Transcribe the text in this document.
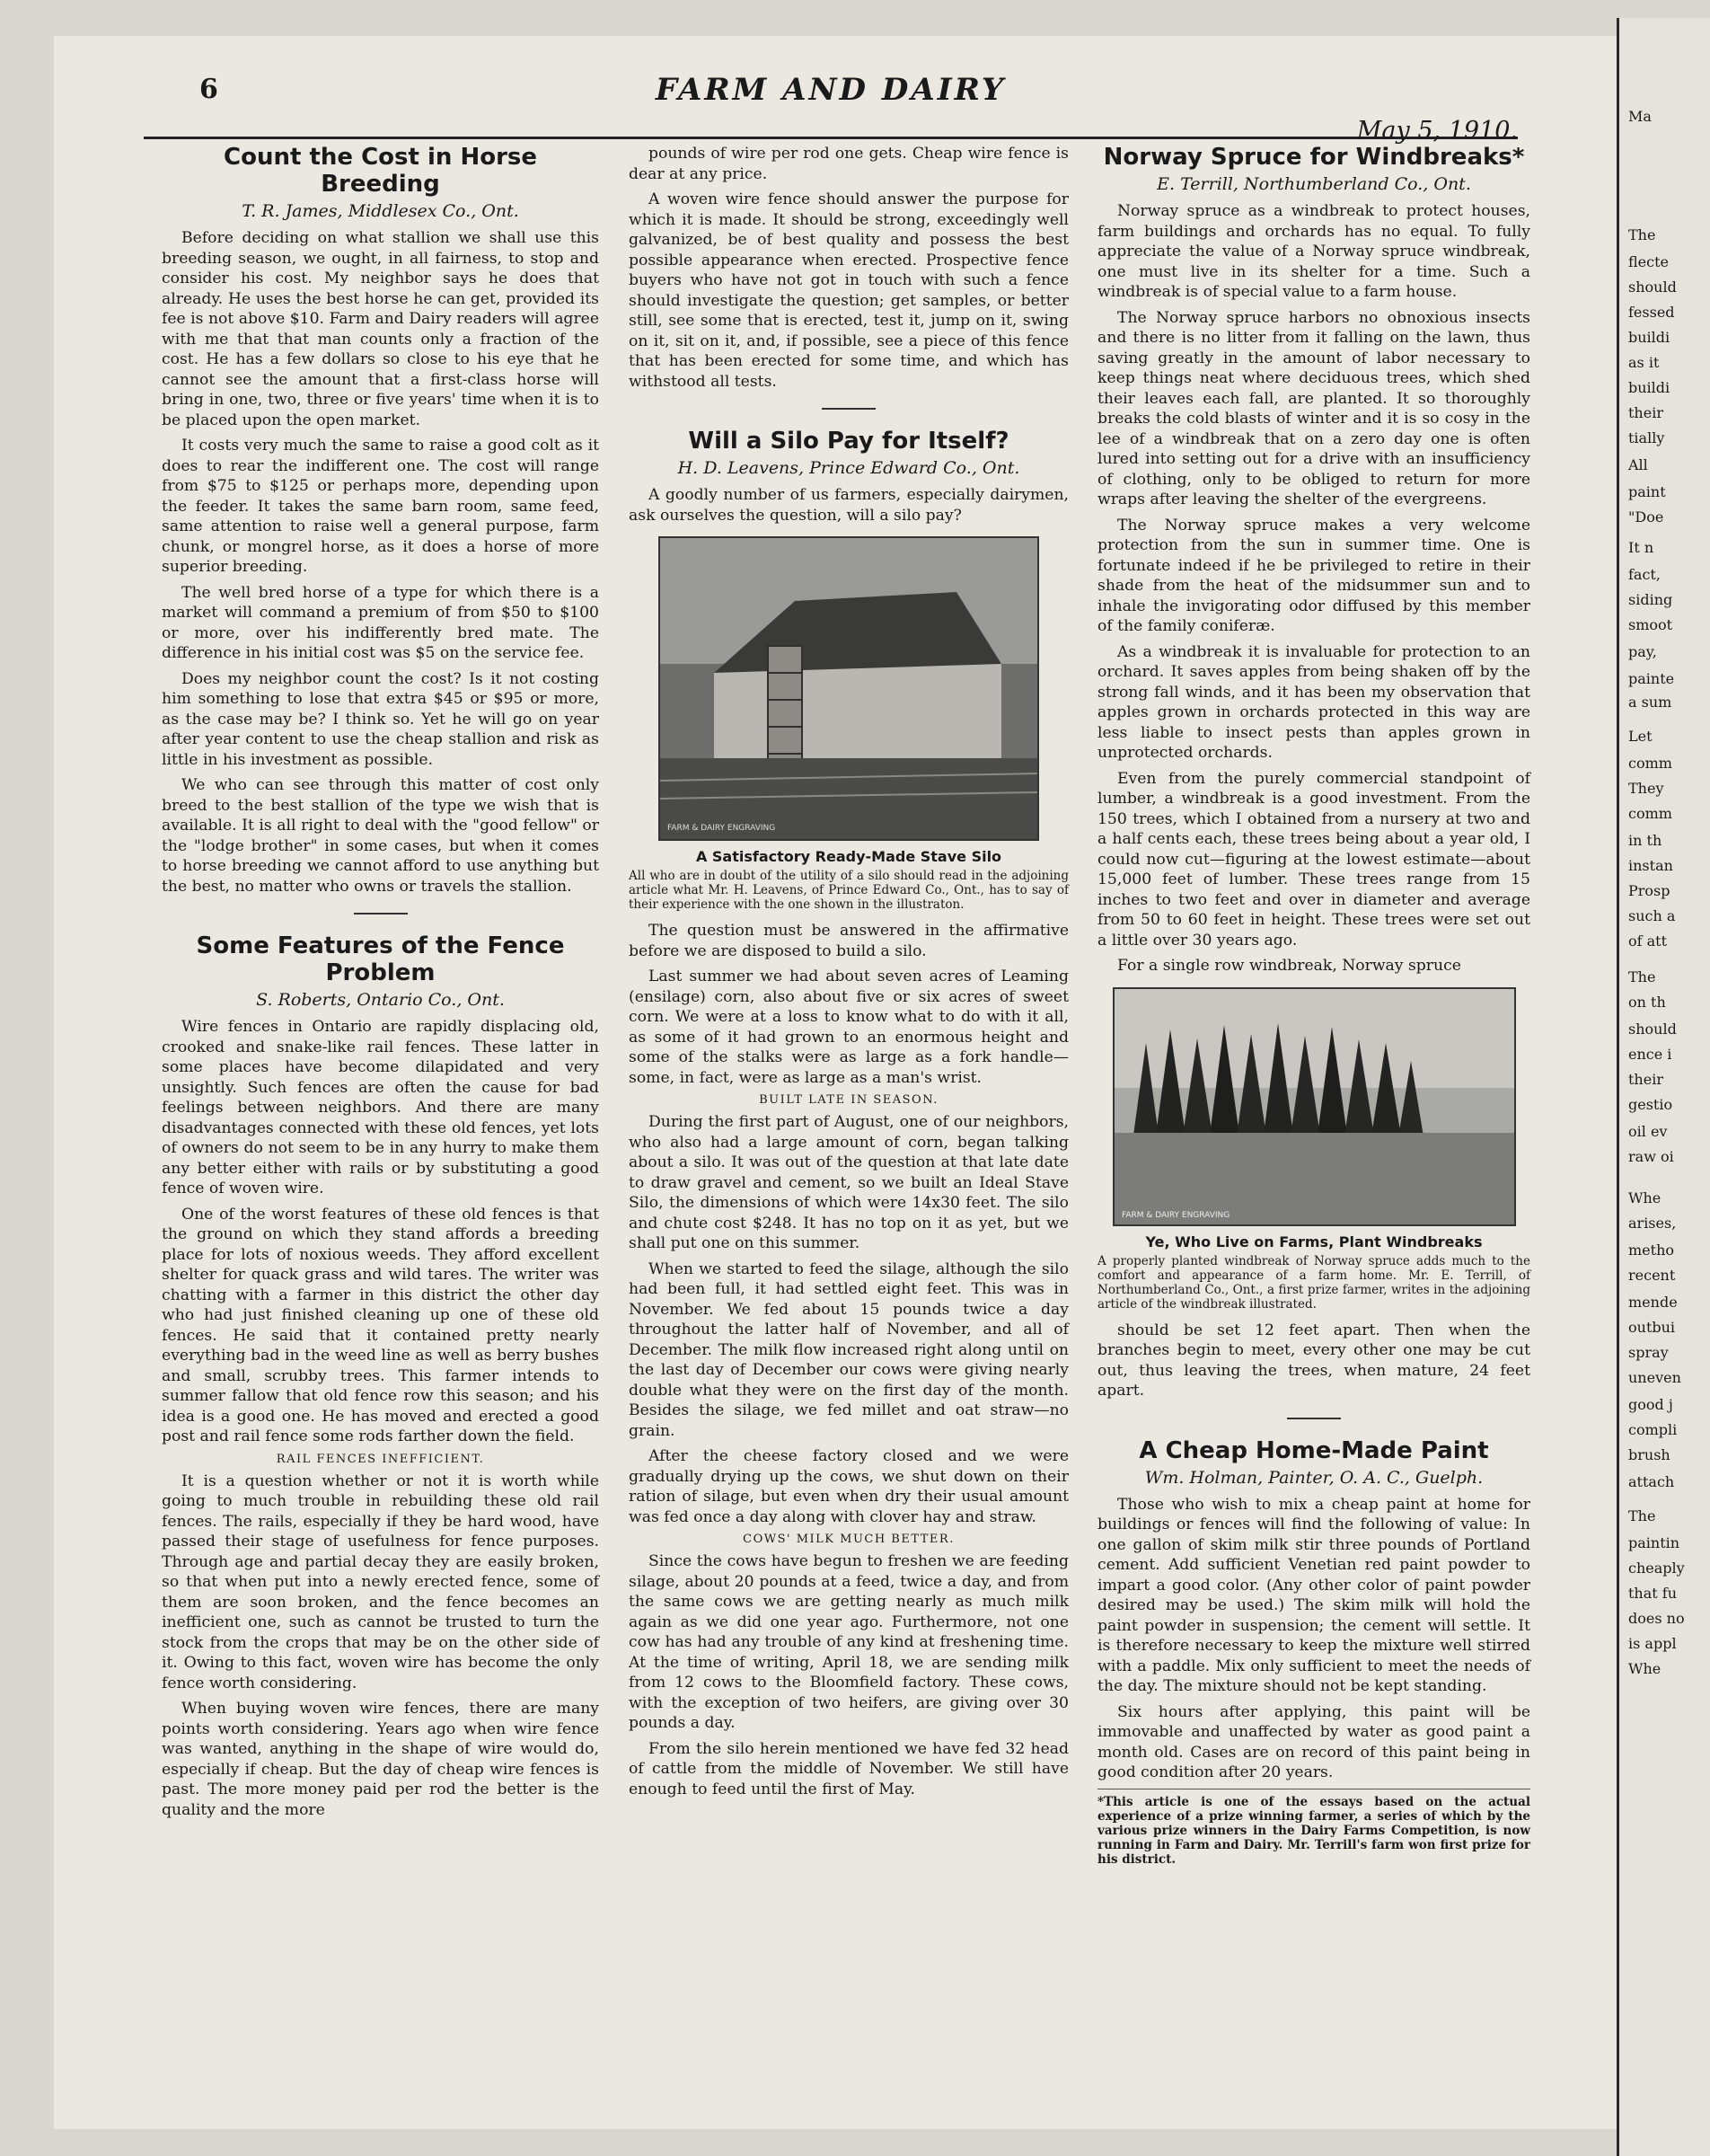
Ma
The
flecte
should
fessed
buildi
as it
buildi
their
tially
All
paint
"Doe
It n
fact,
siding
smoot
pay,
painte
a sum
Let
comm
They
comm
in th
instan
Prosp
such a
of att
The
on th
should
ence i
their
gestio
oil ev
raw oi
Whe
arises,
metho
recent
mende
outbui
spray
uneven
good j
compli
brush
attach
The
paintin
cheaply
that fu
does no
is appl
Whe
6	FARM AND DAIRY
May 5, 1910.
Count the Cost in Horse Breeding
T. R. James, Middlesex Co., Ont.

Before deciding on what stallion we shall use this breeding season, we ought, in all fairness, to stop and consider his cost. My neighbor says he does that already. He uses the best horse he can get, provided its fee is not above $10. Farm and Dairy readers will agree with me that that man counts only a fraction of the cost. He has a few dollars so close to his eye that he cannot see the amount that a first-class horse will bring in one, two, three or five years' time when it is to be placed upon the open market.

It costs very much the same to raise a good colt as it does to rear the indifferent one. The cost will range from $75 to $125 or perhaps more, depending upon the feeder. It takes the same barn room, same feed, same attention to raise well a general purpose, farm chunk, or mongrel horse, as it does a horse of more superior breeding.

The well bred horse of a type for which there is a market will command a premium of from $50 to $100 or more, over his indifferently bred mate. The difference in his initial cost was $5 on the service fee.

Does my neighbor count the cost? Is it not costing him something to lose that extra $45 or $95 or more, as the case may be? I think so. Yet he will go on year after year content to use the cheap stallion and risk as little in his investment as possible.

We who can see through this matter of cost only breed to the best stallion of the type we wish that is available. It is all right to deal with the "good fellow" or the "lodge brother" in some cases, but when it comes to horse breeding we cannot afford to use anything but the best, no matter who owns or travels the stallion.

Some Features of the Fence Problem
S. Roberts, Ontario Co., Ont.

Wire fences in Ontario are rapidly displacing old, crooked and snake-like rail fences. These latter in some places have become dilapidated and very unsightly. Such fences are often the cause for bad feelings between neighbors. And there are many disadvantages connected with these old fences, yet lots of owners do not seem to be in any hurry to make them any better either with rails or by substituting a good fence of woven wire.

One of the worst features of these old fences is that the ground on which they stand affords a breeding place for lots of noxious weeds. They afford excellent shelter for quack grass and wild tares. The writer was chatting with a farmer in this district the other day who had just finished cleaning up one of these old fences. He said that it contained pretty nearly everything bad in the weed line as well as berry bushes and small, scrubby trees. This farmer intends to summer fallow that old fence row this season; and his idea is a good one. He has moved and erected a good post and rail fence some rods farther down the field.

RAIL FENCES INEFFICIENT.

It is a question whether or not it is worth while going to much trouble in rebuilding these old rail fences. The rails, especially if they be hard wood, have passed their stage of usefulness for fence purposes. Through age and partial decay they are easily broken, so that when put into a newly erected fence, some of them are soon broken, and the fence becomes an inefficient one, such as cannot be trusted to turn the stock from the crops that may be on the other side of it. Owing to this fact, woven wire has become the only fence worth considering.

When buying woven wire fences, there are many points worth considering. Years ago when wire fence was wanted, anything in the shape of wire would do, especially if cheap. But the day of cheap wire fences is past. The more money paid per rod the better is the quality and the more

pounds of wire per rod one gets. Cheap wire fence is dear at any price.

A woven wire fence should answer the purpose for which it is made. It should be strong, exceedingly well galvanized, be of best quality and possess the best possible appearance when erected. Prospective fence buyers who have not got in touch with such a fence should investigate the question; get samples, or better still, see some that is erected, test it, jump on it, swing on it, sit on it, and, if possible, see a piece of this fence that has been erected for some time, and which has withstood all tests.

Will a Silo Pay for Itself?
H. D. Leavens, Prince Edward Co., Ont.

A goodly number of us farmers, especially dairymen, ask ourselves the question, will a silo pay?

FARM & DAIRY ENGRAVING
A Satisfactory Ready-Made Stave Silo
All who are in doubt of the utility of a silo should read in the adjoining article what Mr. H. Leavens, of Prince Edward Co., Ont., has to say of their experience with the one shown in the illustraton.

The question must be answered in the affirmative before we are disposed to build a silo.

Last summer we had about seven acres of Leaming (ensilage) corn, also about five or six acres of sweet corn. We were at a loss to know what to do with it all, as some of it had grown to an enormous height and some of the stalks were as large as a fork handle—some, in fact, were as large as a man's wrist.

BUILT LATE IN SEASON.

During the first part of August, one of our neighbors, who also had a large amount of corn, began talking about a silo. It was out of the question at that late date to draw gravel and cement, so we built an Ideal Stave Silo, the dimensions of which were 14x30 feet. The silo and chute cost $248. It has no top on it as yet, but we shall put one on this summer.

When we started to feed the silage, although the silo had been full, it had settled eight feet. This was in November. We fed about 15 pounds twice a day throughout the latter half of November, and all of December. The milk flow increased right along until on the last day of December our cows were giving nearly double what they were on the first day of the month. Besides the silage, we fed millet and oat straw—no grain.

After the cheese factory closed and we were gradually drying up the cows, we shut down on their ration of silage, but even when dry their usual amount was fed once a day along with clover hay and straw.

COWS' MILK MUCH BETTER.

Since the cows have begun to freshen we are feeding silage, about 20 pounds at a feed, twice a day, and from the same cows we are getting nearly as much milk again as we did one year ago. Furthermore, not one cow has had any trouble of any kind at freshening time. At the time of writing, April 18, we are sending milk from 12 cows to the Bloomfield factory. These cows, with the exception of two heifers, are giving over 30 pounds a day.

From the silo herein mentioned we have fed 32 head of cattle from the middle of November. We still have enough to feed until the first of May.

Norway Spruce for Windbreaks*
E. Terrill, Northumberland Co., Ont.

Norway spruce as a windbreak to protect houses, farm buildings and orchards has no equal. To fully appreciate the value of a Norway spruce windbreak, one must live in its shelter for a time. Such a windbreak is of special value to a farm house.

The Norway spruce harbors no obnoxious insects and there is no litter from it falling on the lawn, thus saving greatly in the amount of labor necessary to keep things neat where deciduous trees, which shed their leaves each fall, are planted. It so thoroughly breaks the cold blasts of winter and it is so cosy in the lee of a windbreak that on a zero day one is often lured into setting out for a drive with an insufficiency of clothing, only to be obliged to return for more wraps after leaving the shelter of the evergreens.

The Norway spruce makes a very welcome protection from the sun in summer time. One is fortunate indeed if he be privileged to retire in their shade from the heat of the midsummer sun and to inhale the invigorating odor diffused by this member of the family coniferæ.

As a windbreak it is invaluable for protection to an orchard. It saves apples from being shaken off by the strong fall winds, and it has been my observation that apples grown in orchards protected in this way are less liable to insect pests than apples grown in unprotected orchards.

Even from the purely commercial standpoint of lumber, a windbreak is a good investment. From the 150 trees, which I obtained from a nursery at two and a half cents each, these trees being about a year old, I could now cut—figuring at the lowest estimate—about 15,000 feet of lumber. These trees range from 15 inches to two feet and over in diameter and average from 50 to 60 feet in height. These trees were set out a little over 30 years ago.

For a single row windbreak, Norway spruce

FARM & DAIRY ENGRAVING
Ye, Who Live on Farms, Plant Windbreaks
A properly planted windbreak of Norway spruce adds much to the comfort and appearance of a farm home. Mr. E. Terrill, of Northumberland Co., Ont., a first prize farmer, writes in the adjoining article of the windbreak illustrated.

should be set 12 feet apart. Then when the branches begin to meet, every other one may be cut out, thus leaving the trees, when mature, 24 feet apart.

A Cheap Home-Made Paint
Wm. Holman, Painter, O. A. C., Guelph.

Those who wish to mix a cheap paint at home for buildings or fences will find the following of value: In one gallon of skim milk stir three pounds of Portland cement. Add sufficient Venetian red paint powder to impart a good color. (Any other color of paint powder desired may be used.) The skim milk will hold the paint powder in suspension; the cement will settle. It is therefore necessary to keep the mixture well stirred with a paddle. Mix only sufficient to meet the needs of the day. The mixture should not be kept standing.

Six hours after applying, this paint will be immovable and unaffected by water as good paint a month old. Cases are on record of this paint being in good condition after 20 years.

*This article is one of the essays based on the actual experience of a prize winning farmer, a series of which by the various prize winners in the Dairy Farms Competition, is now running in Farm and Dairy. Mr. Terrill's farm won first prize for his district.
